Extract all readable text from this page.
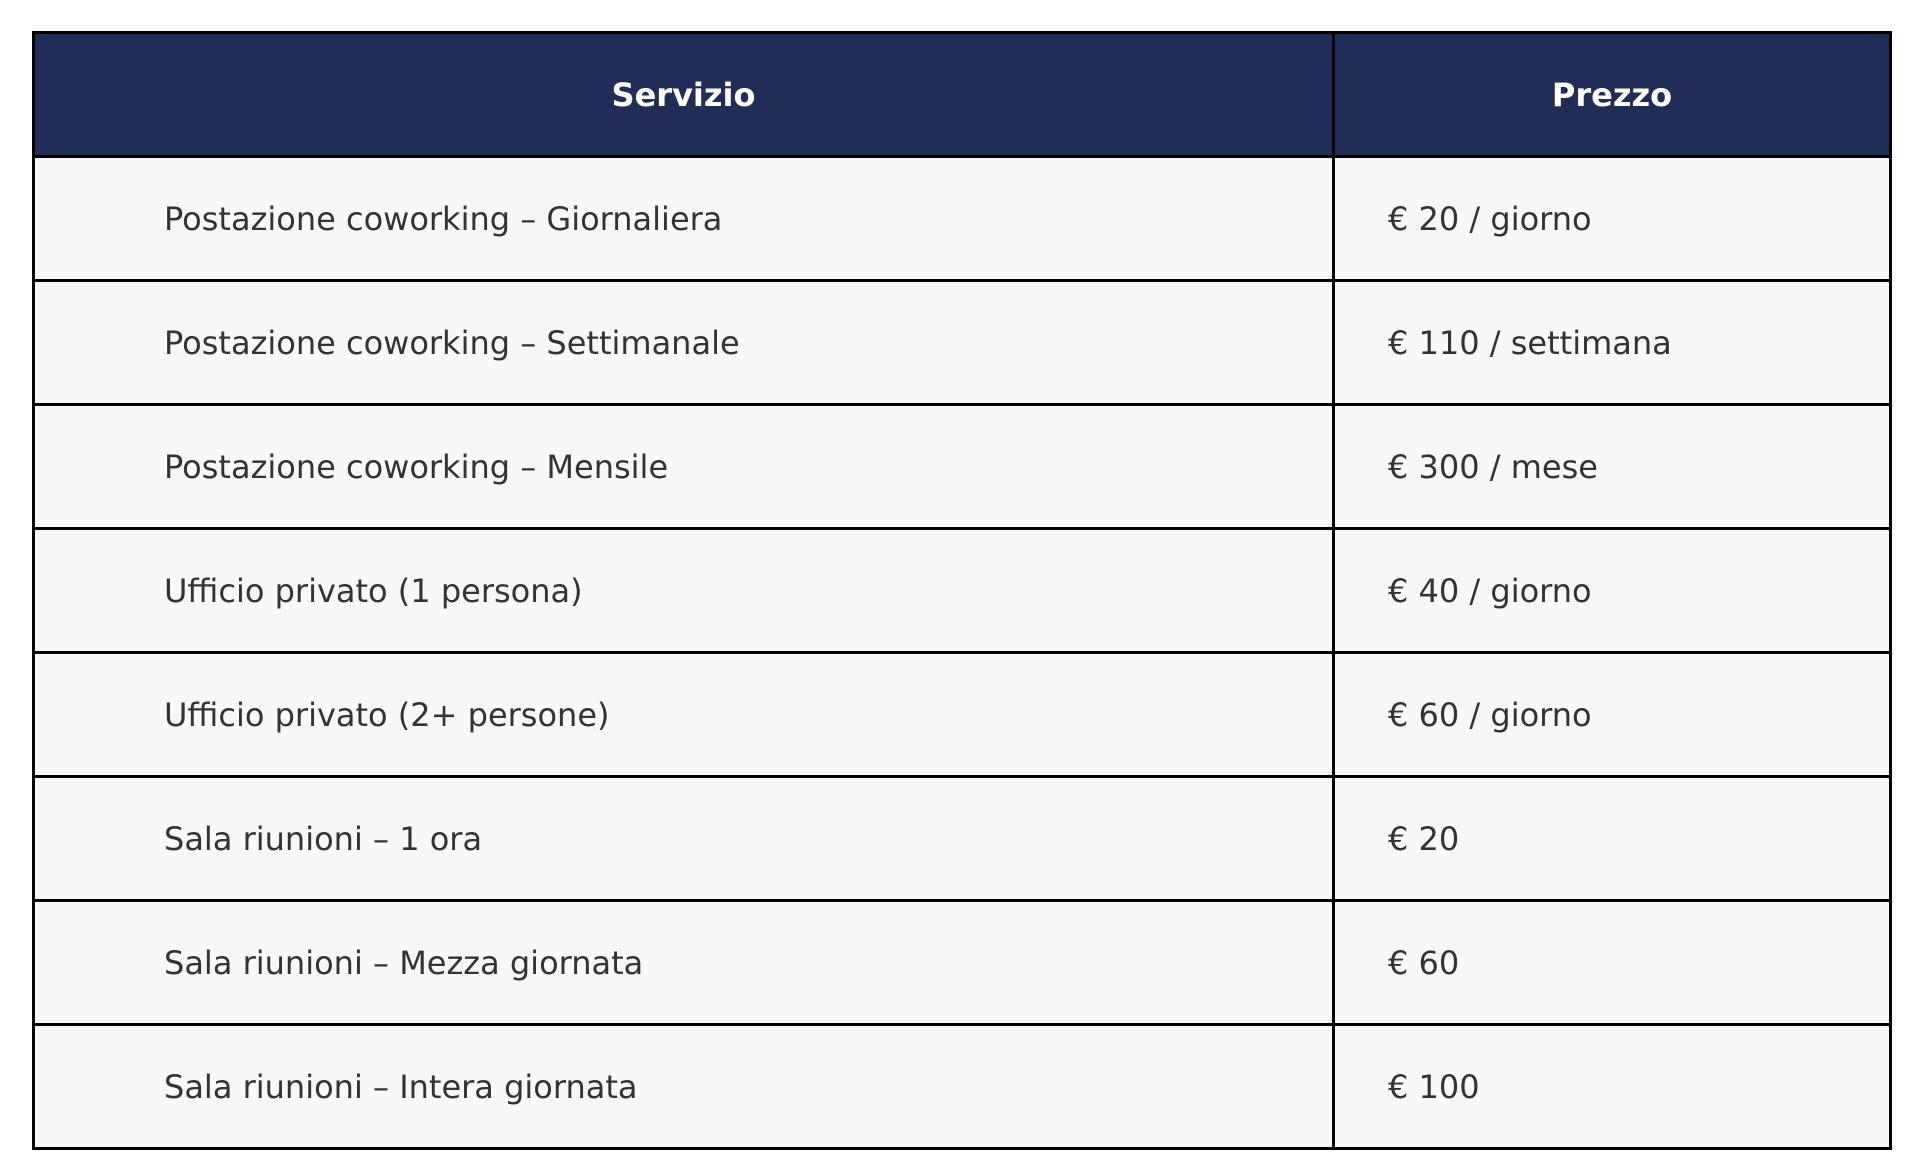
Servizio	Prezzo
Postazione coworking – Giornaliera	€ 20 / giorno
Postazione coworking – Settimanale	€ 110 / settimana
Postazione coworking – Mensile	€ 300 / mese
Ufficio privato (1 persona)	€ 40 / giorno
Ufficio privato (2+ persone)	€ 60 / giorno
Sala riunioni – 1 ora	€ 20
Sala riunioni – Mezza giornata	€ 60
Sala riunioni – Intera giornata	€ 100
